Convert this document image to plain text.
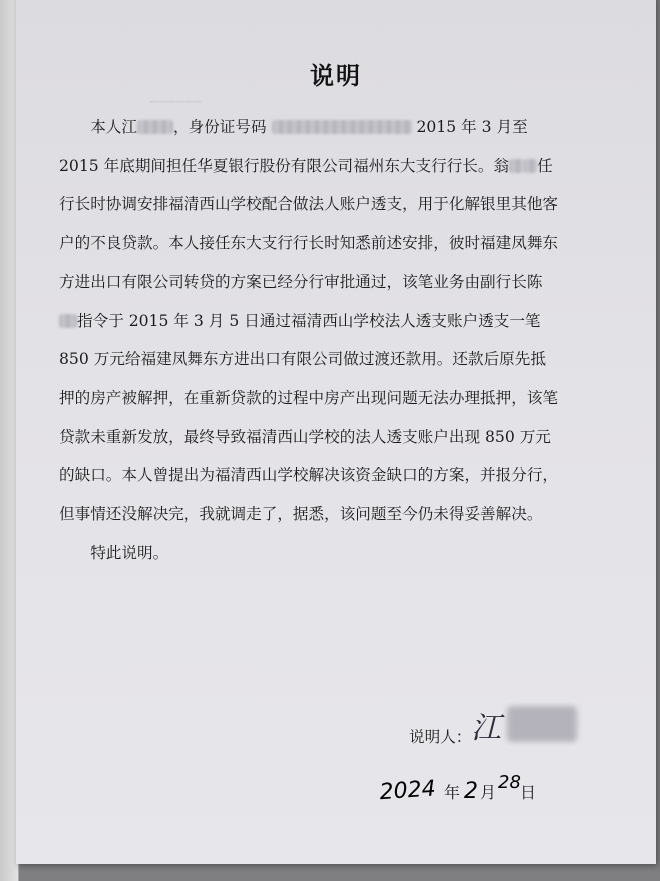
▁▁▁▁▁▁
说明

本人江 ，身份证号码	2015 年 3 月至 2015 年底期间担任华夏银行股份有限公司福州东大支行行长。翁 任行长时协调安排福清西山学校配合做法人账户透支，用于化解银里其他客户的不良贷款。本人接任东大支行行长时知悉前述安排，彼时福建凤舞东方进出口有限公司转贷的方案已经分行审批通过，该笔业务由副行长陈指令于 2015 年 3 月 5 日通过福清西山学校法人透支账户透支一笔 850 万元给福建凤舞东方进出口有限公司做过渡还款用。还款后原先抵押的房产被解押，在重新贷款的过程中房产出现问题无法办理抵押，该笔贷款未重新发放，最终导致福清西山学校的法人透支账户出现 850 万元的缺口。本人曾提出为福清西山学校解决该资金缺口的方案，并报分行，但事情还没解决完，我就调走了，据悉，该问题至今仍未得妥善解决。

特此说明。

说明人： 江
2024 年 2 月 28 日
